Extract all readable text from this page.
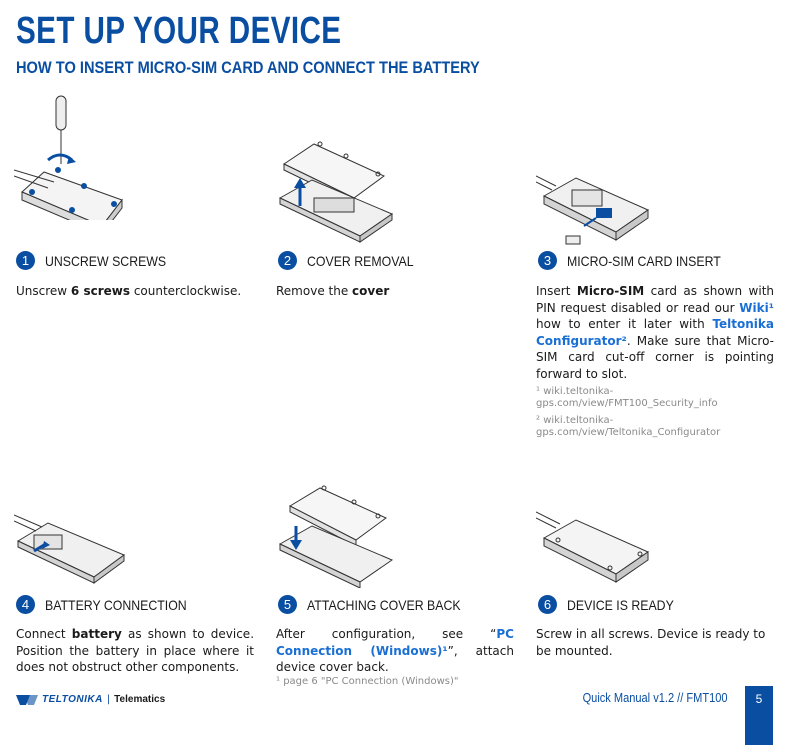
SET UP YOUR DEVICE
HOW TO INSERT MICRO-SIM CARD AND CONNECT THE BATTERY
1	UNSCREW SCREWS
Unscrew 6 screws counterclockwise.
2	COVER REMOVAL
Remove the cover
3	MICRO-SIM CARD INSERT
Insert Micro-SIM card as shown with PIN request disabled or read our Wiki¹ how to enter it later with Teltonika Configurator². Make sure that Micro-SIM card cut-off corner is pointing forward to slot.
¹ wiki.teltonika-gps.com/view/FMT100_Security_info
² wiki.teltonika-gps.com/view/Teltonika_Configurator
4	BATTERY CONNECTION
Connect battery as shown to device. Position the battery in place where it does not obstruct other components.
5	ATTACHING COVER BACK
After configuration, see “PC Connection (Windows)¹”, attach device cover back.
¹ page 6 "PC Connection (Windows)"
6	DEVICE IS READY
Screw in all screws. Device is ready to be mounted.
TELTONIKA | Telematics	Quick Manual v1.2 // FMT100	5
